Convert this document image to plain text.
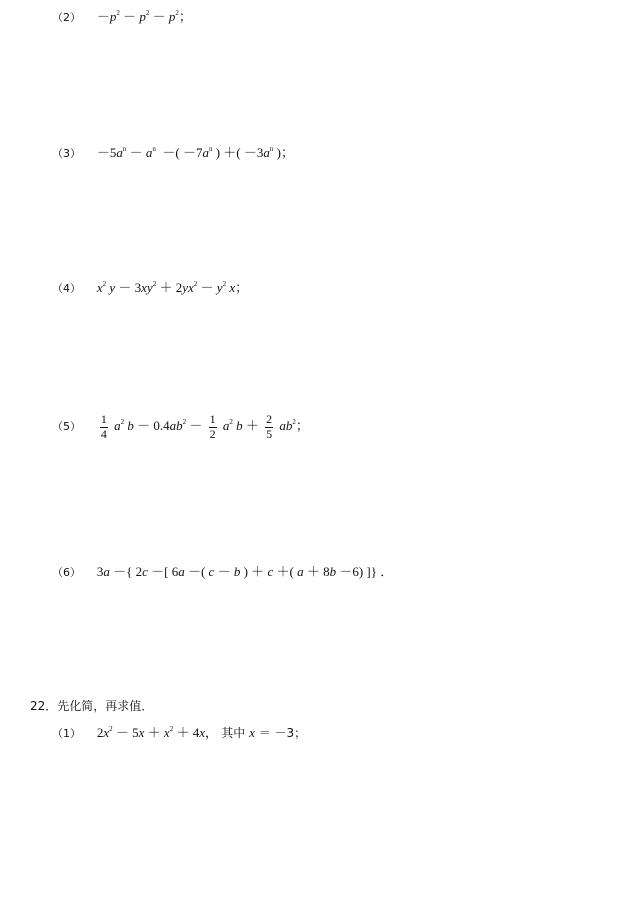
$(2) -p^2 - p^2 - p^2$；
$(3) -5a^n - a^n$  －( $-7a^n$ ) ＋( $-3a^n$ )；
（4） $x^2$ $y - 3xy^2 + 2yx^2 - y^2$ x；
$(5) \frac{1}{4} a^2$ $b - 0.4ab^2 - \frac{1}{2} a^2$ $b + \frac{2}{5} ab^2$；
（6） 3a －{ 2c －[ 6a －( c － b ) ＋ c ＋( a ＋ 8b －6) ]} ．
22．先化简，再求值．
（1） $2x^2 - 5x + x^2 + 4x$， 其中 x ＝ －3；
